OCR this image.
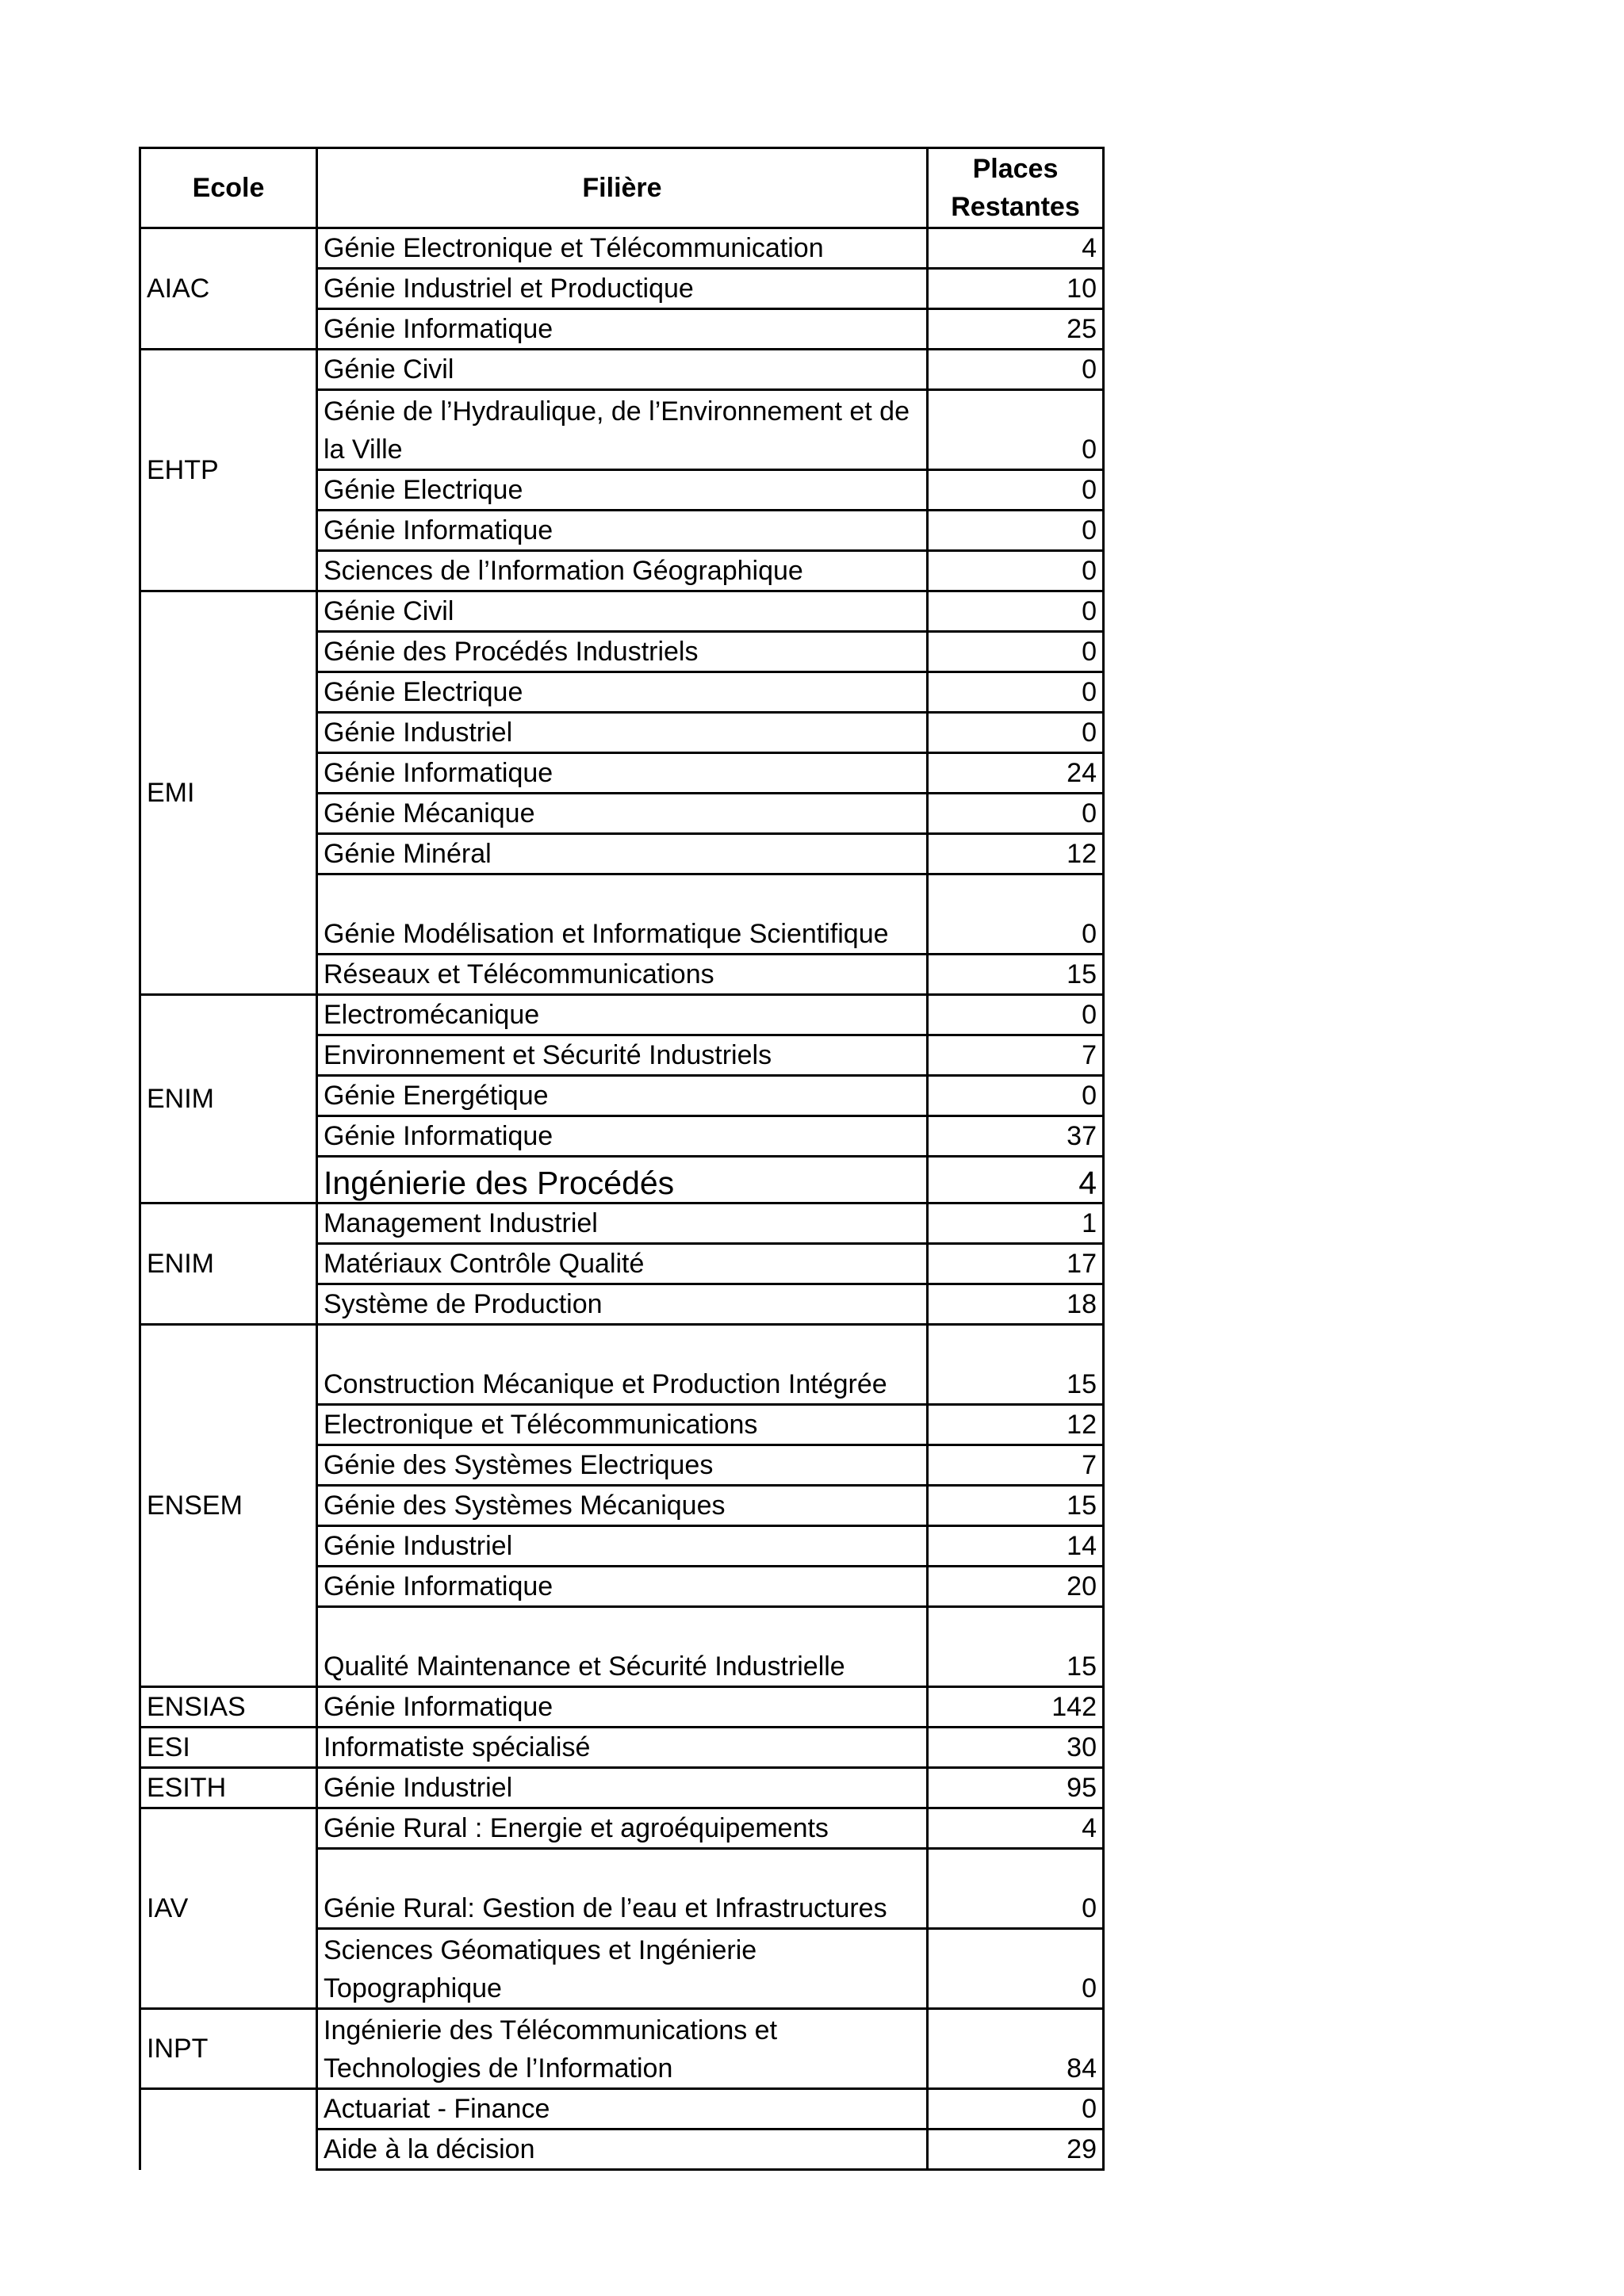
Ecole	Filière	Places Restantes
AIAC	Génie Electronique et Télécommunication	4
	Génie Industriel et Productique	10
	Génie Informatique	25
EHTP	Génie Civil	0
	Génie de l’Hydraulique, de l’Environnement et de la Ville	0
	Génie Electrique	0
	Génie Informatique	0
	Sciences de l’Information Géographique	0
EMI	Génie Civil	0
	Génie des Procédés Industriels	0
	Génie Electrique	0
	Génie Industriel	0
	Génie Informatique	24
	Génie Mécanique	0
	Génie Minéral	12
	Génie Modélisation et Informatique Scientifique	0
	Réseaux et Télécommunications	15
ENIM	Electromécanique	0
	Environnement et Sécurité Industriels	7
	Génie Energétique	0
	Génie Informatique	37
	Ingénierie des Procédés	4
ENIM	Management Industriel	1
	Matériaux Contrôle Qualité	17
	Système de Production	18
ENSEM	Construction Mécanique et Production Intégrée	15
	Electronique et Télécommunications	12
	Génie des Systèmes Electriques	7
	Génie des Systèmes Mécaniques	15
	Génie Industriel	14
	Génie Informatique	20
	Qualité Maintenance et Sécurité Industrielle	15
ENSIAS	Génie Informatique	142
ESI	Informatiste spécialisé	30
ESITH	Génie Industriel	95
IAV	Génie Rural : Energie et agroéquipements	4
	Génie Rural: Gestion de l’eau et Infrastructures	0
	Sciences Géomatiques et Ingénierie Topographique	0
INPT	Ingénierie des Télécommunications et Technologies de l’Information	84
	Actuariat - Finance	0
	Aide à la décision	29
